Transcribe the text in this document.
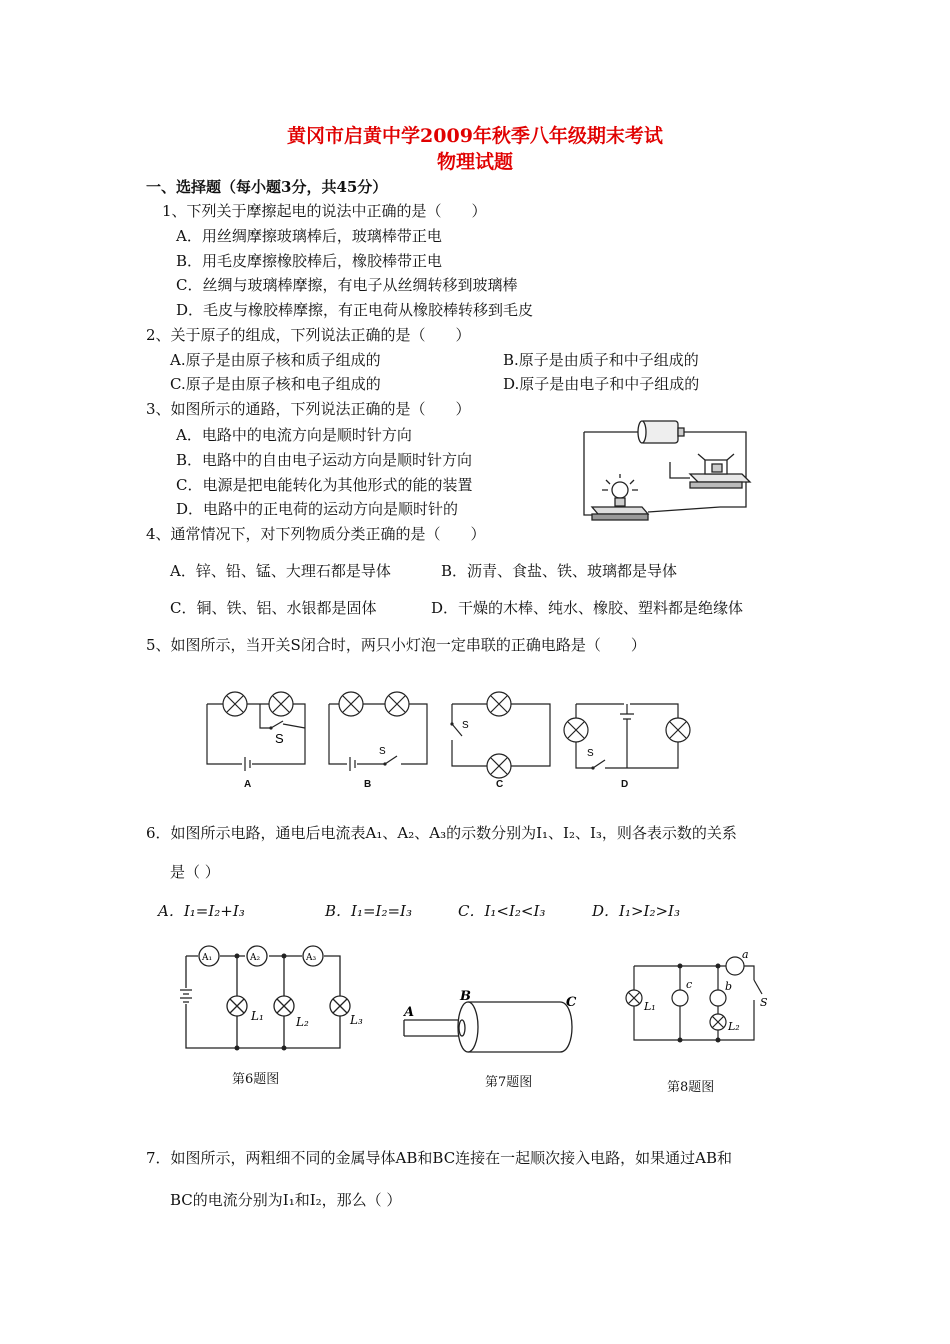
黄冈市启黄中学2009年秋季八年级期末考试
物理试题
一、选择题（每小题3分，共45分）
1、下列关于摩擦起电的说法中正确的是（　　）
A．用丝绸摩擦玻璃棒后，玻璃棒带正电
B．用毛皮摩擦橡胶棒后，橡胶棒带正电
C．丝绸与玻璃棒摩擦，有电子从丝绸转移到玻璃棒
D．毛皮与橡胶棒摩擦，有正电荷从橡胶棒转移到毛皮
2、关于原子的组成，下列说法正确的是（　　）
A.原子是由原子核和质子组成的	B.原子是由质子和中子组成的
C.原子是由原子核和电子组成的	D.原子是由电子和中子组成的
3、如图所示的通路，下列说法正确的是（　　）
A．电路中的电流方向是顺时针方向
B．电路中的自由电子运动方向是顺时针方向
C．电源是把电能转化为其他形式的能的装置
D．电路中的正电荷的运动方向是顺时针的
4、通常情况下，对下列物质分类正确的是（　　）
A．锌、铅、锰、大理石都是导体	B．沥青、食盐、铁、玻璃都是导体
C．铜、铁、铝、水银都是固体	D．干燥的木棒、纯水、橡胶、塑料都是绝缘体
5、如图所示，当开关S闭合时，两只小灯泡一定串联的正确电路是（　　）
S
A
S
B
S
C
S
D
6．如图所示电路，通电后电流表A₁、A₂、A₃的示数分别为I₁、I₂、I₃，则各表示数的关系
是（ ）
A．I₁=I₂+I₃	B．I₁=I₂=I₃	C．I₁<I₂<I₃	D．I₁>I₂>I₃
A₁	A₂	A₃
L₁	L₂	L₃
第6题图
A
B	C
第7题图
a
b
c
S
L₁
L₂
第8题图
7．如图所示，两粗细不同的金属导体AB和BC连接在一起顺次接入电路，如果通过AB和
BC的电流分别为I₁和I₂，那么（ ）
